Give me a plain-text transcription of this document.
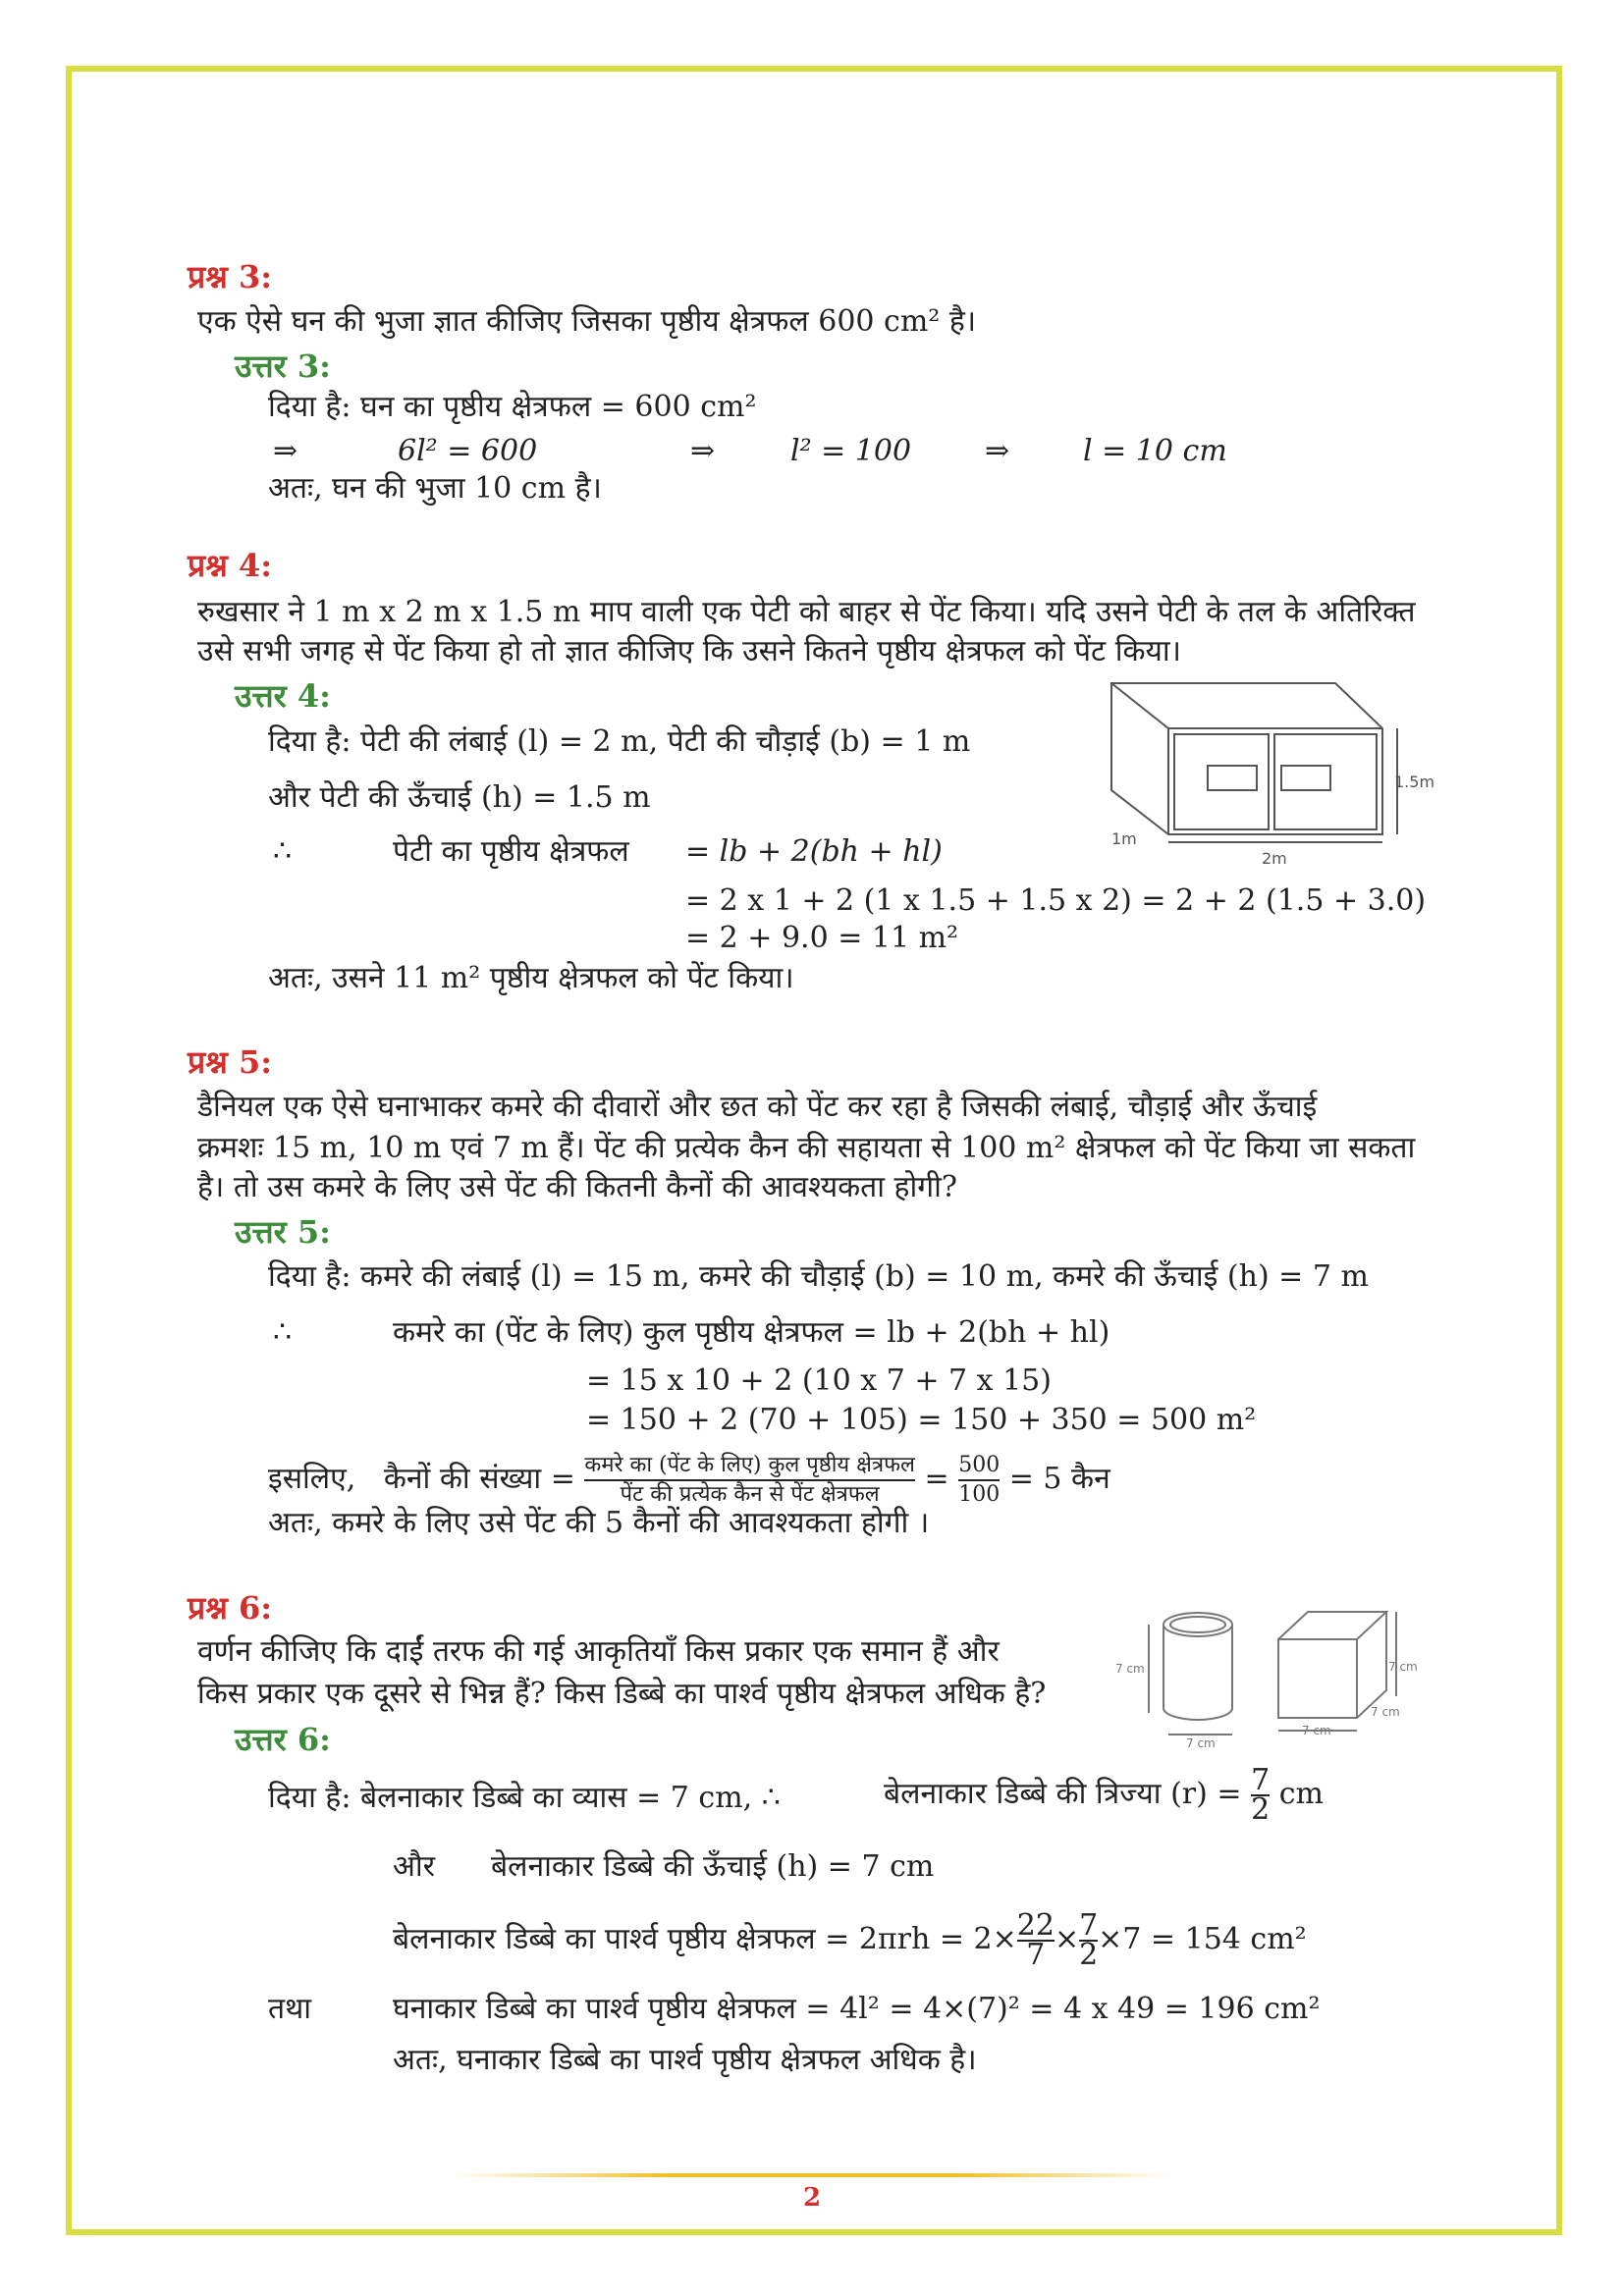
प्रश्न 3:
एक ऐसे घन की भुजा ज्ञात कीजिए जिसका पृष्ठीय क्षेत्रफल 600 cm² है।
उत्तर 3:
दिया है: घन का पृष्ठीय क्षेत्रफल = 600 cm²
⇒	6l² = 600	⇒	l² = 100 ⇒ l = 10 cm
अतः, घन की भुजा 10 cm है।
प्रश्न 4:
रुखसार ने 1 m x 2 m x 1.5 m माप वाली एक पेटी को बाहर से पेंट किया। यदि उसने पेटी के तल के अतिरिक्त
उसे सभी जगह से पेंट किया हो तो ज्ञात कीजिए कि उसने कितने पृष्ठीय क्षेत्रफल को पेंट किया।
उत्तर 4:
दिया है: पेटी की लंबाई (l) = 2 m, पेटी की चौड़ाई (b) = 1 m
और पेटी की ऊँचाई (h) = 1.5 m
∴	पेटी का पृष्ठीय क्षेत्रफल = lb + 2(bh + hl)
= 2 x 1 + 2 (1 x 1.5 + 1.5 x 2) = 2 + 2 (1.5 + 3.0)
= 2 + 9.0 = 11 m²
अतः, उसने 11 m² पृष्ठीय क्षेत्रफल को पेंट किया।
1.5m
2m
1m
प्रश्न 5:
डैनियल एक ऐसे घनाभाकर कमरे की दीवारों और छत को पेंट कर रहा है जिसकी लंबाई, चौड़ाई और ऊँचाई
क्रमशः 15 m, 10 m एवं 7 m हैं। पेंट की प्रत्येक कैन की सहायता से 100 m² क्षेत्रफल को पेंट किया जा सकता
है। तो उस कमरे के लिए उसे पेंट की कितनी कैनों की आवश्यकता होगी?
उत्तर 5:
दिया है: कमरे की लंबाई (l) = 15 m, कमरे की चौड़ाई (b) = 10 m, कमरे की ऊँचाई (h) = 7 m
∴	कमरे का (पेंट के लिए) कुल पृष्ठीय क्षेत्रफल = lb + 2(bh + hl)
= 15 x 10 + 2 (10 x 7 + 7 x 15)
= 150 + 2 (70 + 105) = 150 + 350 = 500 m²
इसलिए, कैनों की संख्या = $\frac{\text{कमरे का (पेंट के लिए) कुल पृष्ठीय क्षेत्रफल}}{\text{पेंट की प्रत्येक कैन से पेंट क्षेत्रफल}} = \frac{500}{100} = 5$ कैन
अतः, कमरे के लिए उसे पेंट की 5 कैनों की आवश्यकता होगी ।
प्रश्न 6:
वर्णन कीजिए कि दाईं तरफ की गई आकृतियाँ किस प्रकार एक समान हैं और
किस प्रकार एक दूसरे से भिन्न हैं? किस डिब्बे का पार्श्व पृष्ठीय क्षेत्रफल अधिक है?
7 cm
7 cm
7 cm
7 cm
7 cm
उत्तर 6:
दिया है: बेलनाकार डिब्बे का व्यास = 7 cm, ∴	बेलनाकार डिब्बे की त्रिज्या $(r) = \frac{7}{2}$ cm
और बेलनाकार डिब्बे की ऊँचाई (h) = 7 cm
बेलनाकार डिब्बे का पार्श्व पृष्ठीय क्षेत्रफल = $2\pi rh = 2\times \frac{22}{7} \times \frac{7}{2} \times 7 = 154$ cm²
तथा	घनाकार डिब्बे का पार्श्व पृष्ठीय क्षेत्रफल = 4l² = 4×(7)² = 4 x 49 = 196 cm²
अतः, घनाकार डिब्बे का पार्श्व पृष्ठीय क्षेत्रफल अधिक है।
2
